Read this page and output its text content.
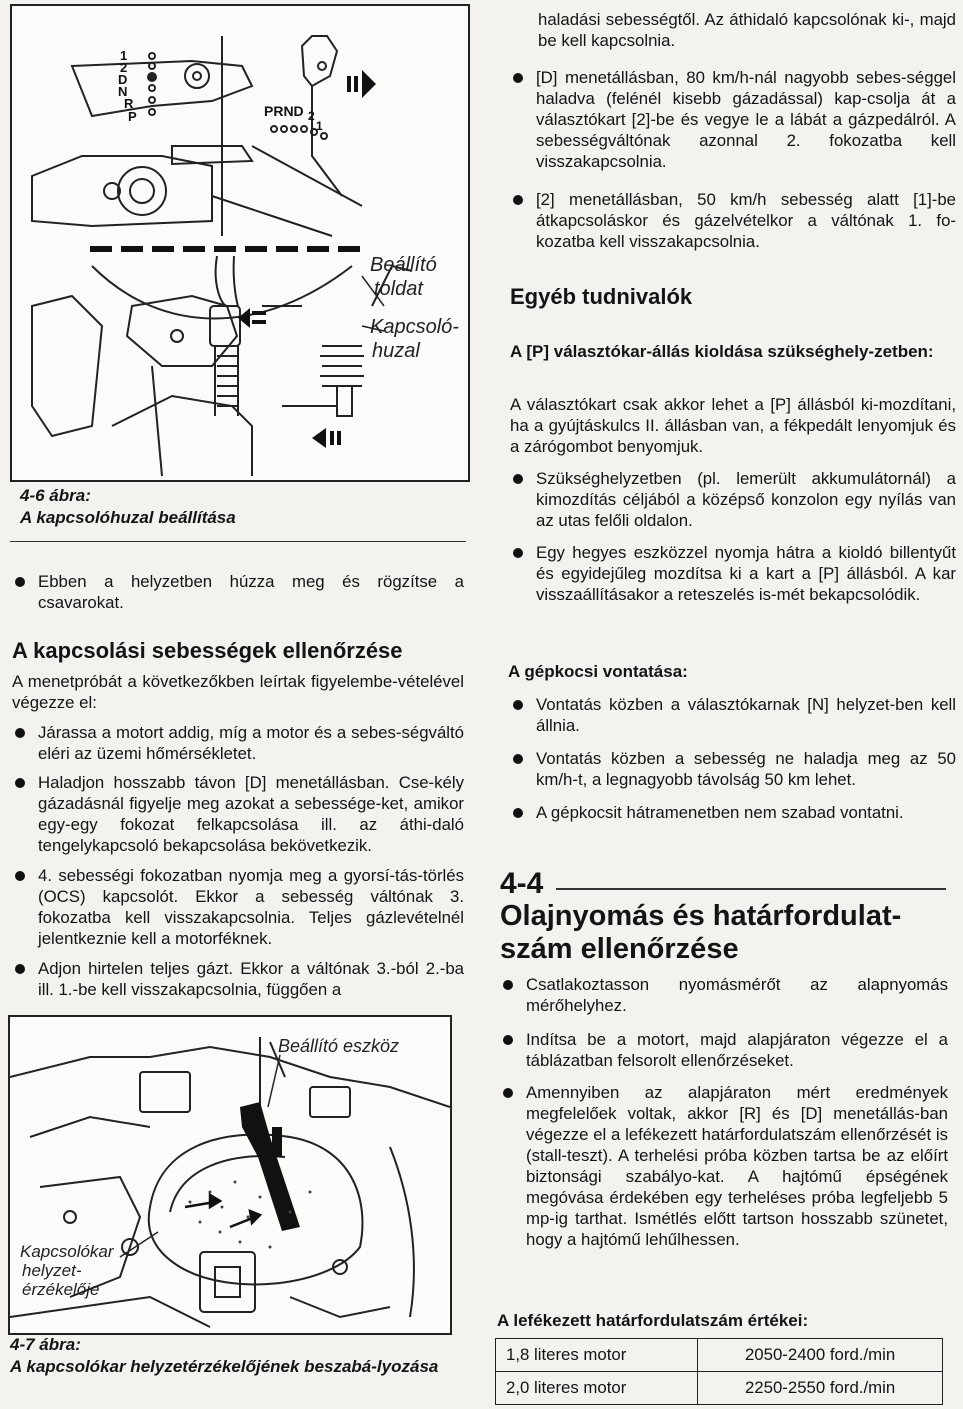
1
2
D
N
R
P	PRND 2
1
Beállító
toldat
Kapcsoló-
huzal
4-6 ábra:
A kapcsolóhuzal beállítása
Ebben a helyzetben húzza meg és rögzítse a csavarokat.
A kapcsolási sebességek ellenőrzése
A menetpróbát a következőkben leírtak figyelembe-vételével végezze el:
Járassa a motort addig, míg a motor és a sebes-ségváltó eléri az üzemi hőmérsékletet.
Haladjon hosszabb távon [D] menetállásban. Cse-kély gázadásnál figyelje meg azokat a sebessége-ket, amikor egy-egy fokozat felkapcsolása ill. az áthi-daló tengelykapcsoló bekapcsolása bekövetkezik.
4. sebességi fokozatban nyomja meg a gyorsí-tás-törlés (OCS) kapcsolót. Ekkor a sebesség váltónak 3. fokozatba kell visszakapcsolnia. Teljes gázlevételnél jelentkeznie kell a motorféknek.
Adjon hirtelen teljes gázt. Ekkor a váltónak 3.-ból 2.-ba ill. 1.-be kell visszakapcsolnia, függően a
Beállító eszköz
Kapcsolókar
helyzet-
érzékelője
4-7 ábra:
A kapcsolókar helyzetérzékelőjének beszabá-lyozása
haladási sebességtől. Az áthidaló kapcsolónak ki-, majd be kell kapcsolnia.
[D] menetállásban, 80 km/h-nál nagyobb sebes-séggel haladva (felénél kisebb gázadással) kap-csolja át a választókart [2]-be és vegye le a lábát a gázpedálról. A sebességváltónak azonnal 2. fokozatba kell visszakapcsolnia.
[2] menetállásban, 50 km/h sebesség alatt [1]-be átkapcsoláskor és gázelvételkor a váltónak 1. fo-kozatba kell visszakapcsolnia.
Egyéb tudnivalók
A [P] választókar-állás kioldása szükséghely-zetben:
A választókart csak akkor lehet a [P] állásból ki-mozdítani, ha a gyújtáskulcs II. állásban van, a fékpedált lenyomjuk és a zárógombot benyomjuk.
Szükséghelyzetben (pl. lemerült akkumulátornál) a kimozdítás céljából a középső konzolon egy nyílás van az utas felőli oldalon.
Egy hegyes eszközzel nyomja hátra a kioldó billentyűt és egyidejűleg mozdítsa ki a kart a [P] állásból. A kar visszaállításakor a reteszelés is-mét bekapcsolódik.
A gépkocsi vontatása:
Vontatás közben a választókarnak [N] helyzet-ben kell állnia.
Vontatás közben a sebesség ne haladja meg az 50 km/h-t, a legnagyobb távolság 50 km lehet.
A gépkocsit hátramenetben nem szabad vontatni.
4-4
Olajnyomás és határfordulat-
szám ellenőrzése
Csatlakoztasson nyomásmérőt az alapnyomás mérőhelyhez.
Indítsa be a motort, majd alapjáraton végezze el a táblázatban felsorolt ellenőrzéseket.
Amennyiben az alapjáraton mért eredmények megfelelőek voltak, akkor [R] és [D] menetállás-ban végezze el a lefékezett határfordulatszám ellenőrzését is (stall-teszt). A terhelési próba közben tartsa be az előírt biztonsági szabályo-kat. A hajtómű épségének megóvása érdekében egy terheléses próba legfeljebb 5 mp-ig tarthat. Ismétlés előtt tartson hosszabb szünetet, hogy a hajtómű lehűlhessen.
A lefékezett határfordulatszám értékei:
1,8 literes motor	2050-2400 ford./min
2,0 literes motor	2250-2550 ford./min
